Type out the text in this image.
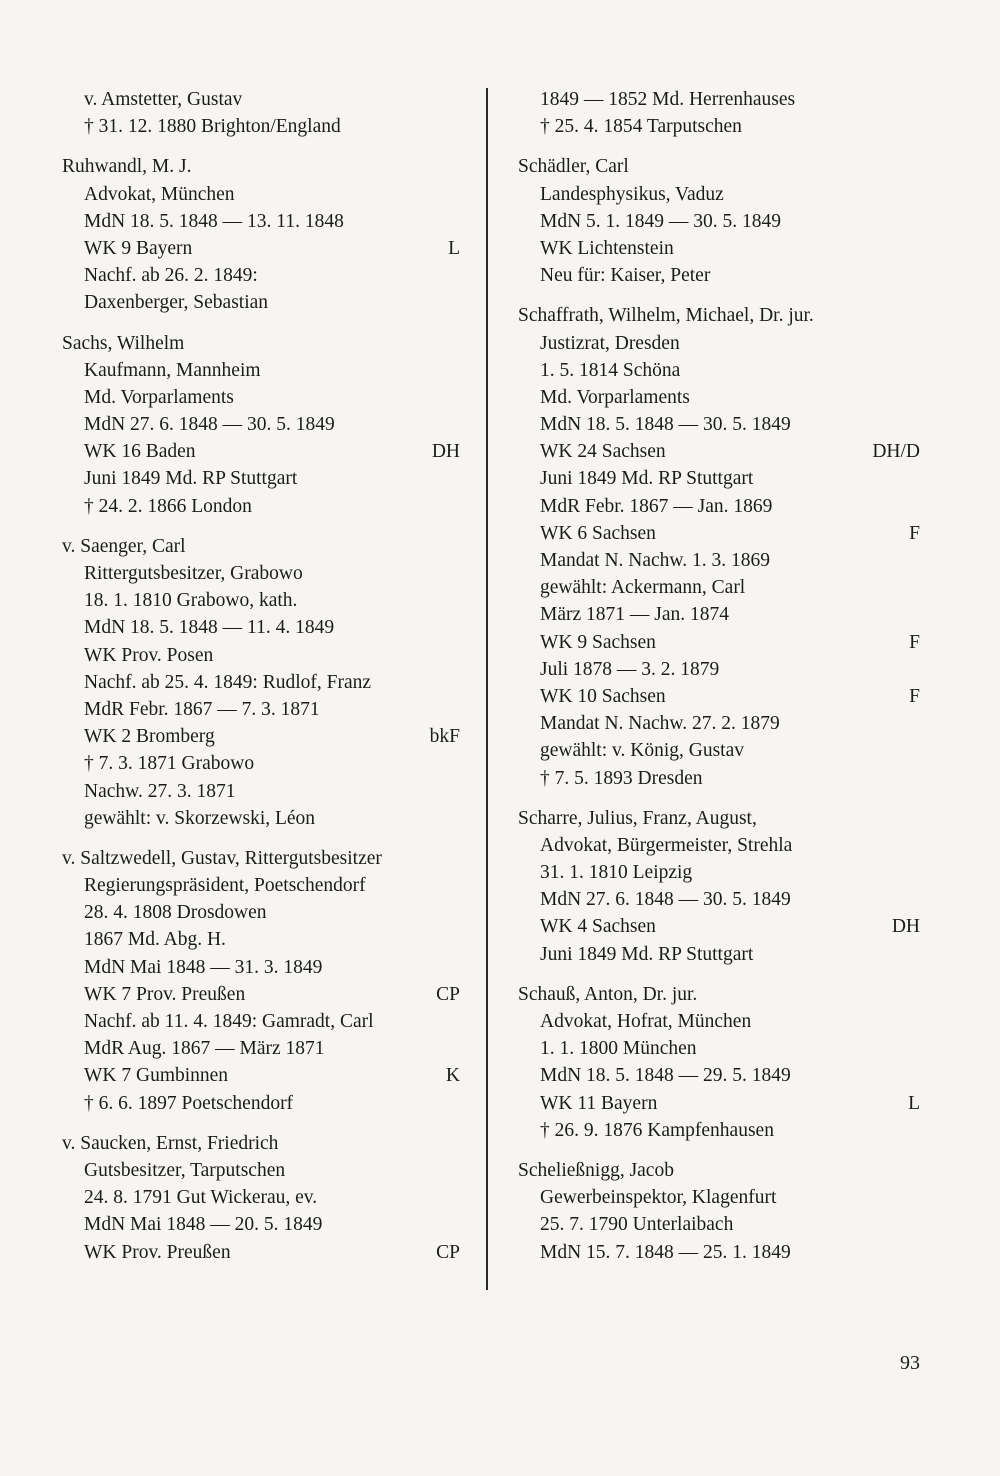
v. Amstetter, Gustav
† 31. 12. 1880 Brighton/England
Ruhwandl, M. J.
Advokat, München
MdN 18. 5. 1848 — 13. 11. 1848
WK 9 Bayern	L
Nachf. ab 26. 2. 1849:
Daxenberger, Sebastian
Sachs, Wilhelm
Kaufmann, Mannheim
Md. Vorparlaments
MdN 27. 6. 1848 — 30. 5. 1849
WK 16 Baden	DH
Juni 1849 Md. RP Stuttgart
† 24. 2. 1866 London
v. Saenger, Carl
Rittergutsbesitzer, Grabowo
18. 1. 1810 Grabowo, kath.
MdN 18. 5. 1848 — 11. 4. 1849
WK Prov. Posen
Nachf. ab 25. 4. 1849: Rudlof, Franz
MdR Febr. 1867 — 7. 3. 1871
WK 2 Bromberg	bkF
† 7. 3. 1871 Grabowo
Nachw. 27. 3. 1871
gewählt: v. Skorzewski, Léon
v. Saltzwedell, Gustav, Rittergutsbesitzer
Regierungspräsident, Poetschendorf
28. 4. 1808 Drosdowen
1867 Md. Abg. H.
MdN Mai 1848 — 31. 3. 1849
WK 7 Prov. Preußen	CP
Nachf. ab 11. 4. 1849: Gamradt, Carl
MdR Aug. 1867 — März 1871
WK 7 Gumbinnen	K
† 6. 6. 1897 Poetschendorf
v. Saucken, Ernst, Friedrich
Gutsbesitzer, Tarputschen
24. 8. 1791 Gut Wickerau, ev.
MdN Mai 1848 — 20. 5. 1849
WK Prov. Preußen	CP
1849 — 1852 Md. Herrenhauses
† 25. 4. 1854 Tarputschen
Schädler, Carl
Landesphysikus, Vaduz
MdN 5. 1. 1849 — 30. 5. 1849
WK Lichtenstein
Neu für: Kaiser, Peter
Schaffrath, Wilhelm, Michael, Dr. jur.
Justizrat, Dresden
1. 5. 1814 Schöna
Md. Vorparlaments
MdN 18. 5. 1848 — 30. 5. 1849
WK 24 Sachsen	DH/D
Juni 1849 Md. RP Stuttgart
MdR Febr. 1867 — Jan. 1869
WK 6 Sachsen	F
Mandat N. Nachw. 1. 3. 1869
gewählt: Ackermann, Carl
März 1871 — Jan. 1874
WK 9 Sachsen	F
Juli 1878 — 3. 2. 1879
WK 10 Sachsen	F
Mandat N. Nachw. 27. 2. 1879
gewählt: v. König, Gustav
† 7. 5. 1893 Dresden
Scharre, Julius, Franz, August,
Advokat, Bürgermeister, Strehla
31. 1. 1810 Leipzig
MdN 27. 6. 1848 — 30. 5. 1849
WK 4 Sachsen	DH
Juni 1849 Md. RP Stuttgart
Schauß, Anton, Dr. jur.
Advokat, Hofrat, München
1. 1. 1800 München
MdN 18. 5. 1848 — 29. 5. 1849
WK 11 Bayern	L
† 26. 9. 1876 Kampfenhausen
Scheließnigg, Jacob
Gewerbeinspektor, Klagenfurt
25. 7. 1790 Unterlaibach
MdN 15. 7. 1848 — 25. 1. 1849
93
